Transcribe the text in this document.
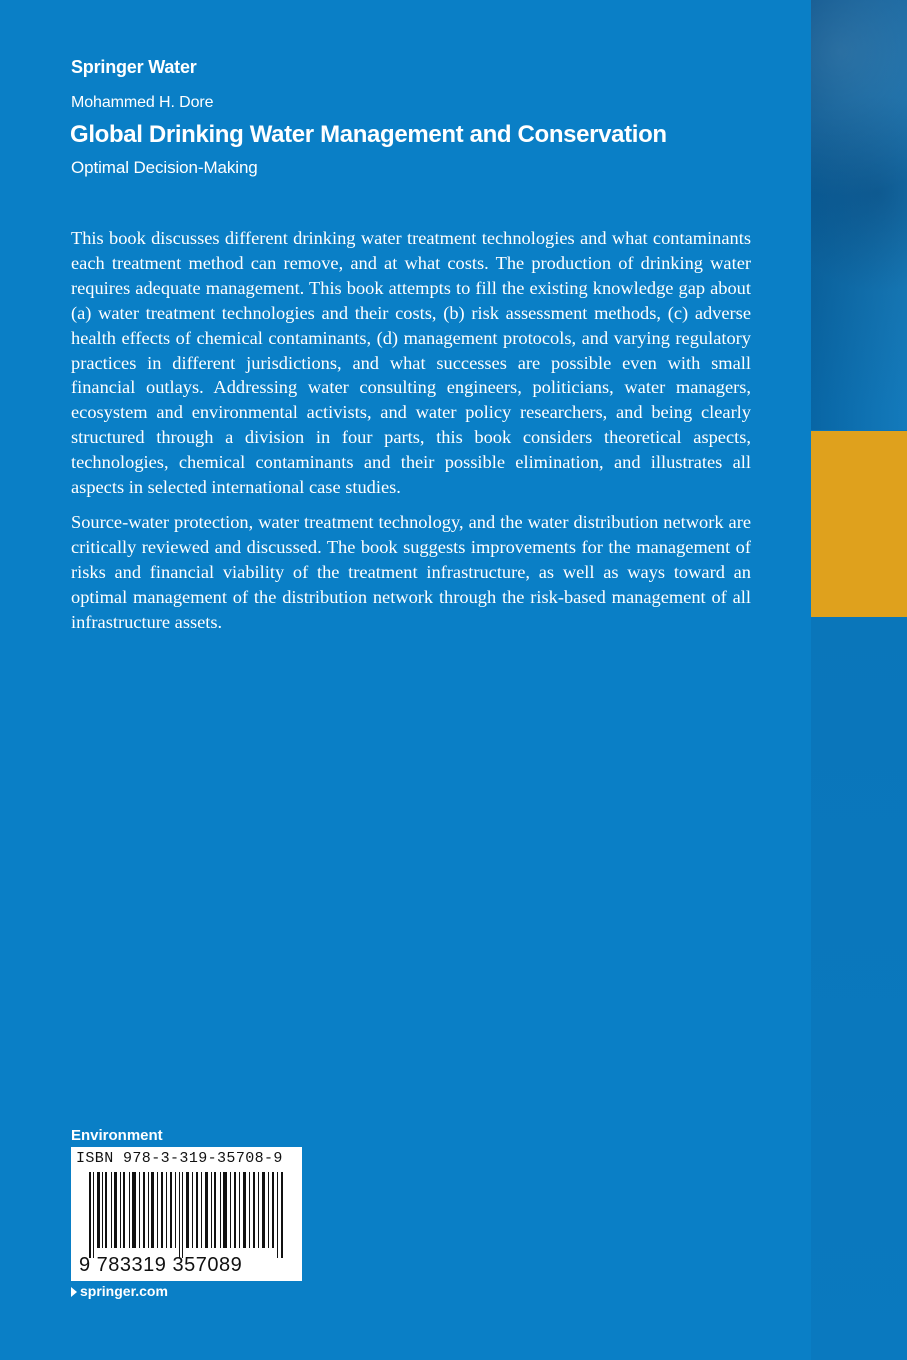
Springer Water
Mohammed H. Dore
Global Drinking Water Management and Conservation
Optimal Decision-Making

This book discusses different drinking water treatment technologies and what contaminants each treatment method can remove, and at what costs. The production of drinking water requires adequate management. This book attempts to fill the existing knowledge gap about (a) water treatment technologies and their costs, (b) risk assessment methods, (c) adverse health effects of chemical contaminants, (d) management protocols, and varying regulatory practices in different jurisdictions, and what successes are possible even with small financial outlays. Addressing water consulting engineers, politicians, water managers, ecosystem and environmental activists, and water policy researchers, and being clearly structured through a division in four parts, this book considers theoretical aspects, technologies, chemical contaminants and their possible elimination, and illustrates all aspects in selected international case studies.

Source-water protection, water treatment technology, and the water distribution network are critically reviewed and discussed. The book suggests improvements for the management of risks and financial viability of the treatment infrastructure, as well as ways toward an optimal management of the distribution network through the risk-based management of all infrastructure assets.

Environment
ISBN 978-3-319-35708-9
9 783319 357089
springer.com
